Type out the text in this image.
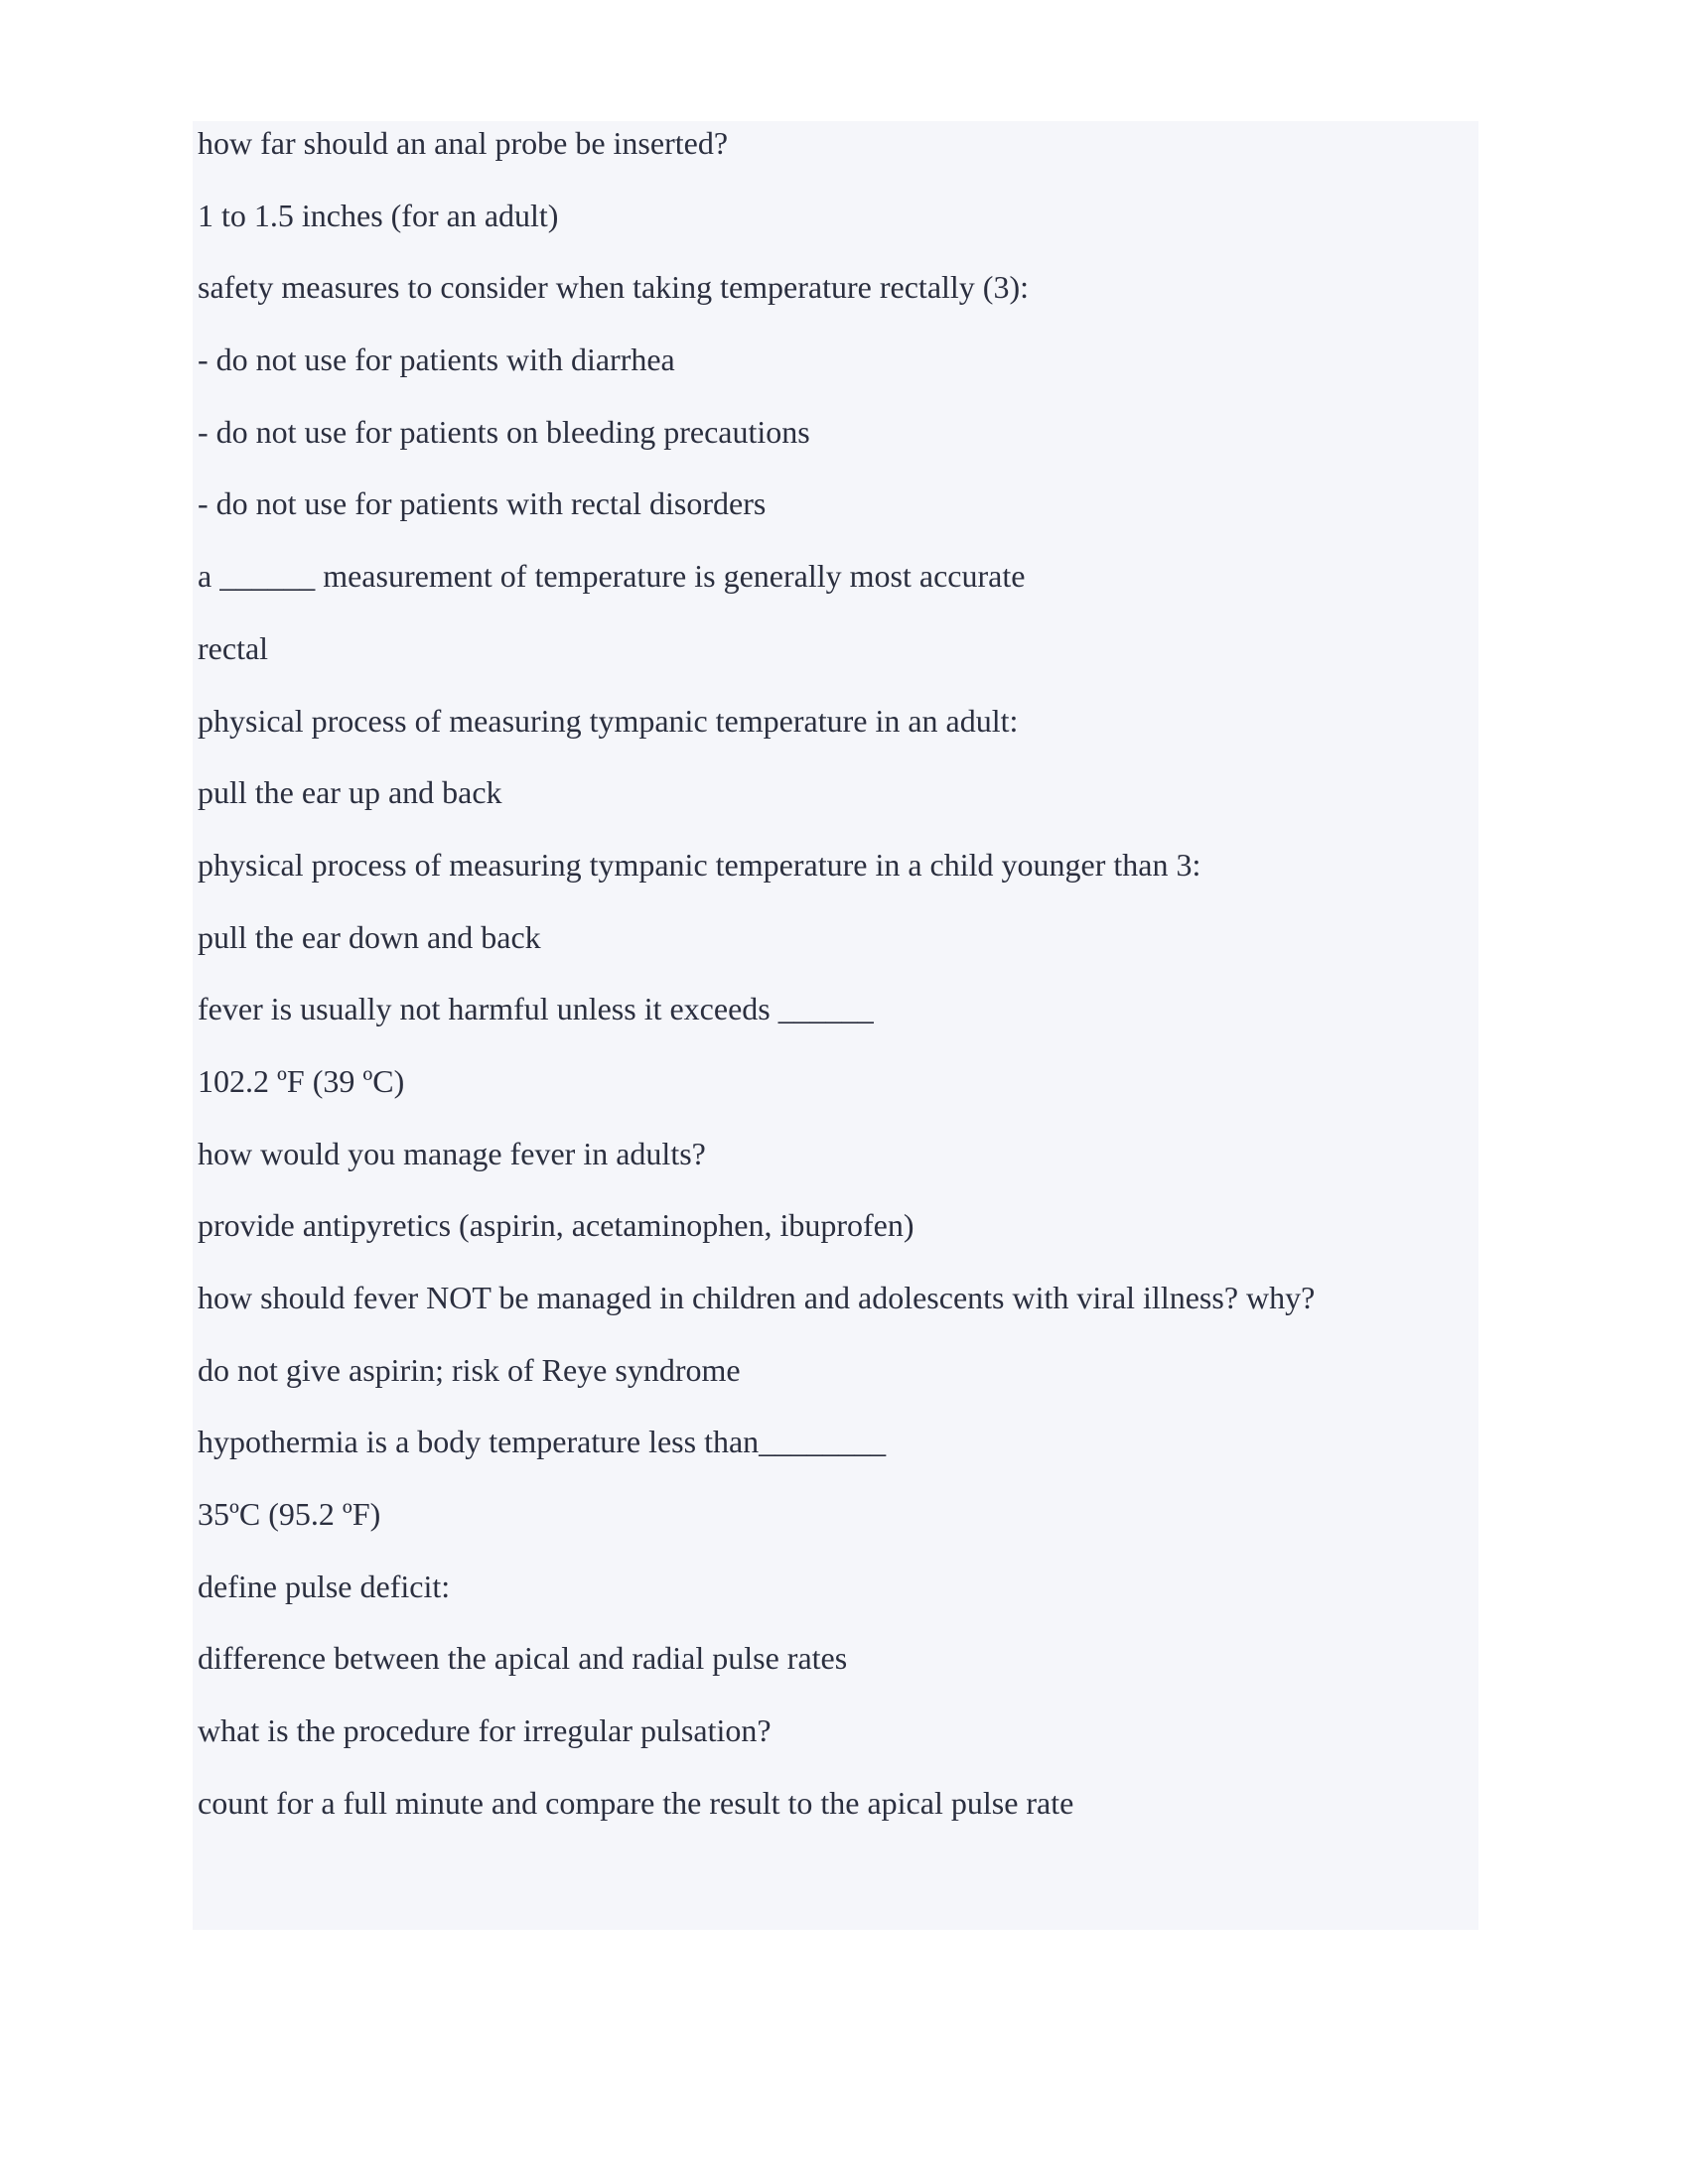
how far should an anal probe be inserted?
1 to 1.5 inches (for an adult)
safety measures to consider when taking temperature rectally (3):
- do not use for patients with diarrhea
- do not use for patients on bleeding precautions
- do not use for patients with rectal disorders
a ______ measurement of temperature is generally most accurate
rectal
physical process of measuring tympanic temperature in an adult:
pull the ear up and back
physical process of measuring tympanic temperature in a child younger than 3:
pull the ear down and back
fever is usually not harmful unless it exceeds ______
102.2 ºF (39 ºC)
how would you manage fever in adults?
provide antipyretics (aspirin, acetaminophen, ibuprofen)
how should fever NOT be managed in children and adolescents with viral illness? why?
do not give aspirin; risk of Reye syndrome
hypothermia is a body temperature less than________
35ºC (95.2 ºF)
define pulse deficit:
difference between the apical and radial pulse rates
what is the procedure for irregular pulsation?
count for a full minute and compare the result to the apical pulse rate
